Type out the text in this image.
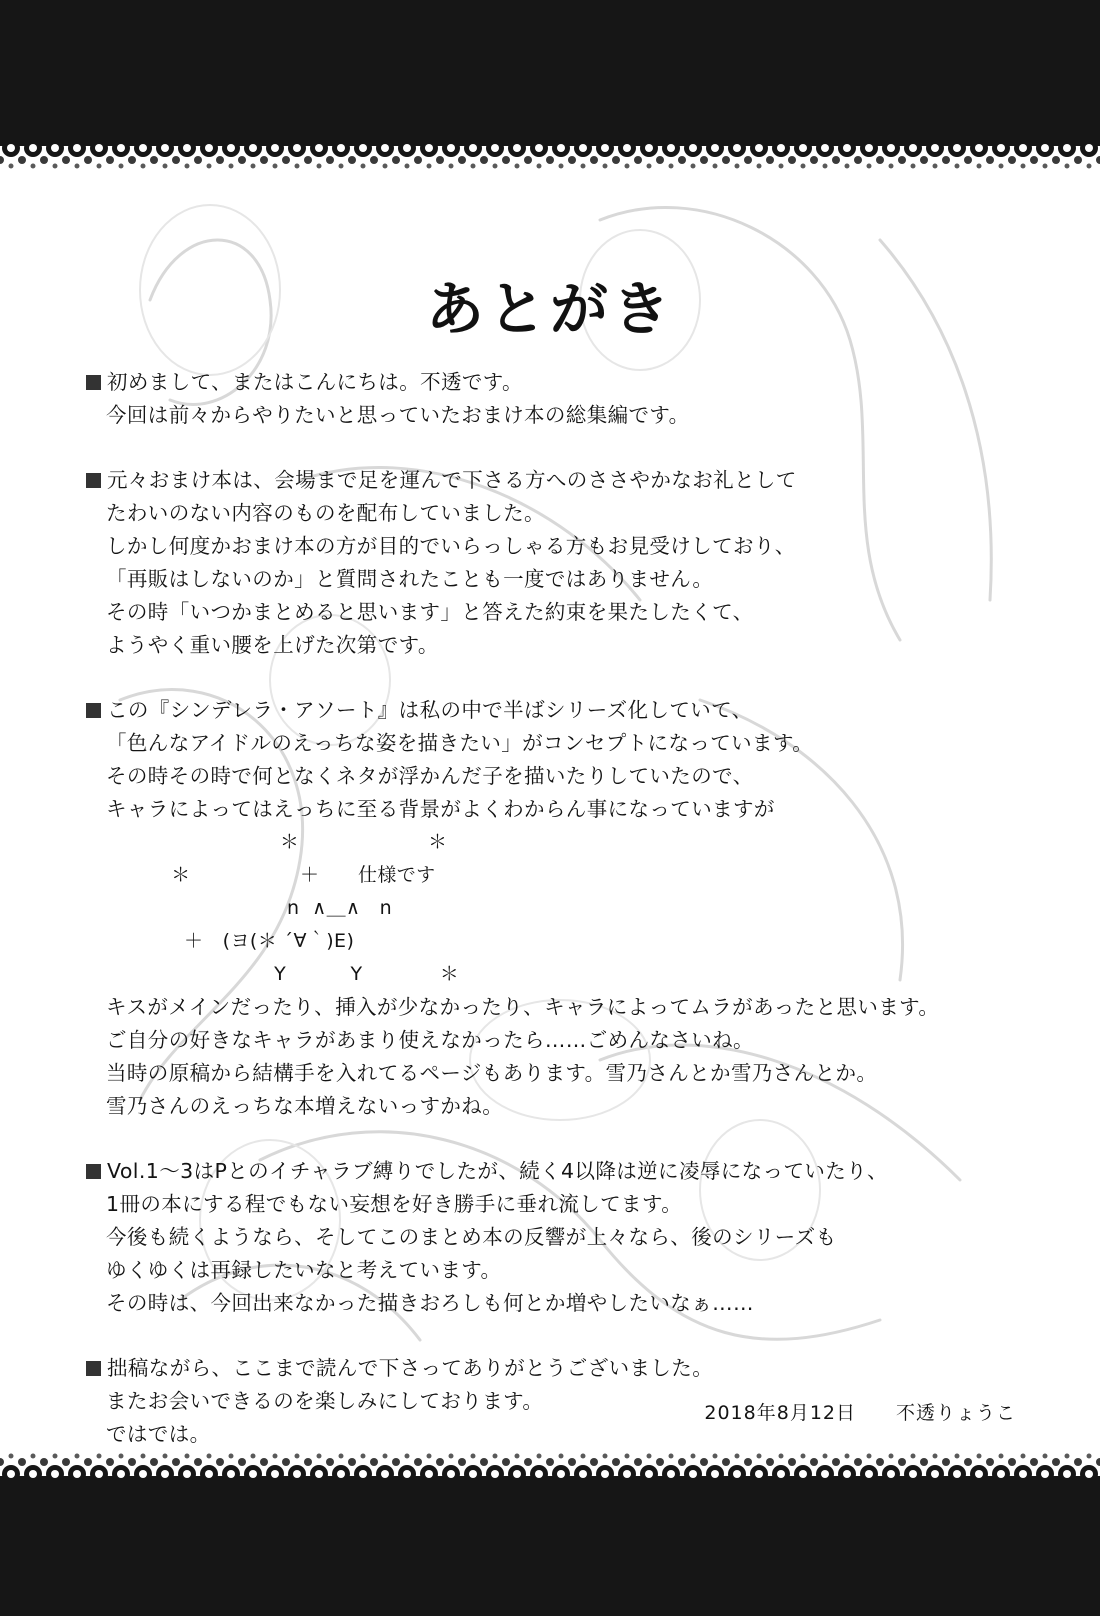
あとがき
初めまして、またはこんにちは。不透です。
今回は前々からやりたいと思っていたおまけ本の総集編です。
元々おまけ本は、会場まで足を運んで下さる方へのささやかなお礼として
たわいのない内容のものを配布していました。
しかし何度かおまけ本の方が目的でいらっしゃる方もお見受けしており、
「再販はしないのか」と質問されたことも一度ではありません。
その時「いつかまとめると思います」と答えた約束を果たしたくて、
ようやく重い腰を上げた次第です。
この『シンデレラ・アソート』は私の中で半ばシリーズ化していて、
「色んなアイドルのえっちな姿を描きたい」がコンセプトになっています。
その時その時で何となくネタが浮かんだ子を描いたりしていたので、
キャラによってはえっちに至る背景がよくわからん事になっていますが
＊                    ＊
＊                 ＋      仕様です
n  ∧＿∧   n
＋   (ヨ(＊ ´∀｀)E)
Y          Y            ＊
キスがメインだったり、挿入が少なかったり、キャラによってムラがあったと思います。
ご自分の好きなキャラがあまり使えなかったら……ごめんなさいね。
当時の原稿から結構手を入れてるページもあります。雪乃さんとか雪乃さんとか。
雪乃さんのえっちな本増えないっすかね。
Vol.1～3はPとのイチャラブ縛りでしたが、続く4以降は逆に凌辱になっていたり、
1冊の本にする程でもない妄想を好き勝手に垂れ流してます。
今後も続くようなら、そしてこのまとめ本の反響が上々なら、後のシリーズも
ゆくゆくは再録したいなと考えています。
その時は、今回出来なかった描きおろしも何とか増やしたいなぁ……
拙稿ながら、ここまで読んで下さってありがとうございました。
またお会いできるのを楽しみにしております。
ではでは。
2018年8月12日　　不透りょうこ
